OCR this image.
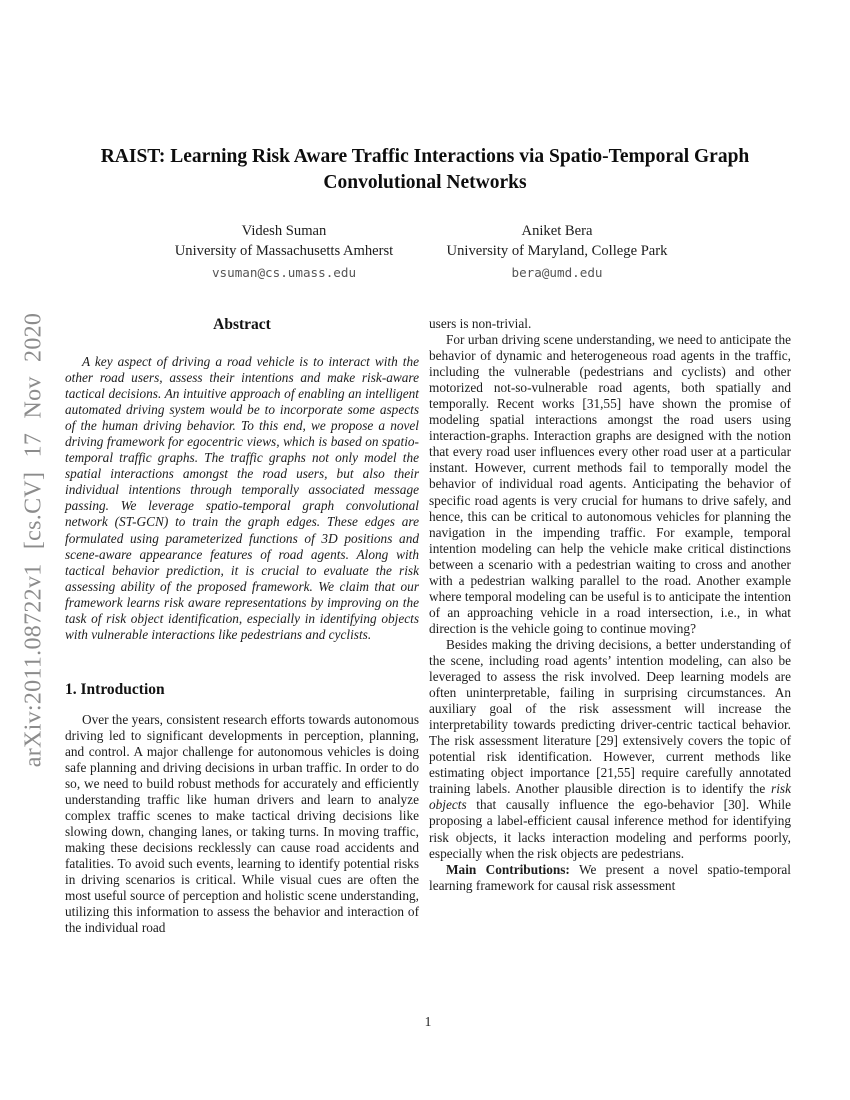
arXiv:2011.08722v1 [cs.CV] 17 Nov 2020
RAIST: Learning Risk Aware Traffic Interactions via Spatio-Temporal Graph
Convolutional Networks
Videsh Suman
University of Massachusetts Amherst
vsuman@cs.umass.edu
Aniket Bera
University of Maryland, College Park
bera@umd.edu
Abstract

A key aspect of driving a road vehicle is to interact with the other road users, assess their intentions and make risk-aware tactical decisions. An intuitive approach of enabling an intelligent automated driving system would be to incorporate some aspects of the human driving behavior. To this end, we propose a novel driving framework for egocentric views, which is based on spatio-temporal traffic graphs. The traffic graphs not only model the spatial interactions amongst the road users, but also their individual intentions through temporally associated message passing. We leverage spatio-temporal graph convolutional network (ST-GCN) to train the graph edges. These edges are formulated using parameterized functions of 3D positions and scene-aware appearance features of road agents. Along with tactical behavior prediction, it is crucial to evaluate the risk assessing ability of the proposed framework. We claim that our framework learns risk aware representations by improving on the task of risk object identification, especially in identifying objects with vulnerable interactions like pedestrians and cyclists.

1. Introduction

Over the years, consistent research efforts towards autonomous driving led to significant developments in perception, planning, and control. A major challenge for autonomous vehicles is doing safe planning and driving decisions in urban traffic. In order to do so, we need to build robust methods for accurately and efficiently understanding traffic like human drivers and learn to analyze complex traffic scenes to make tactical driving decisions like slowing down, changing lanes, or taking turns. In moving traffic, making these decisions recklessly can cause road accidents and fatalities. To avoid such events, learning to identify potential risks in driving scenarios is critical. While visual cues are often the most useful source of perception and holistic scene understanding, utilizing this information to assess the behavior and interaction of the individual road

users is non-trivial.

For urban driving scene understanding, we need to anticipate the behavior of dynamic and heterogeneous road agents in the traffic, including the vulnerable (pedestrians and cyclists) and other motorized not-so-vulnerable road agents, both spatially and temporally. Recent works [31,55] have shown the promise of modeling spatial interactions amongst the road users using interaction-graphs. Interaction graphs are designed with the notion that every road user influences every other road user at a particular instant. However, current methods fail to temporally model the behavior of individual road agents. Anticipating the behavior of specific road agents is very crucial for humans to drive safely, and hence, this can be critical to autonomous vehicles for planning the navigation in the impending traffic. For example, temporal intention modeling can help the vehicle make critical distinctions between a scenario with a pedestrian waiting to cross and another with a pedestrian walking parallel to the road. Another example where temporal modeling can be useful is to anticipate the intention of an approaching vehicle in a road intersection, i.e., in what direction is the vehicle going to continue moving?

Besides making the driving decisions, a better understanding of the scene, including road agents’ intention modeling, can also be leveraged to assess the risk involved. Deep learning models are often uninterpretable, failing in surprising circumstances. An auxiliary goal of the risk assessment will increase the interpretability towards predicting driver-centric tactical behavior. The risk assessment literature [29] extensively covers the topic of potential risk identification. However, current methods like estimating object importance [21,55] require carefully annotated training labels. Another plausible direction is to identify the risk objects that causally influence the ego-behavior [30]. While proposing a label-efficient causal inference method for identifying risk objects, it lacks interaction modeling and performs poorly, especially when the risk objects are pedestrians.

Main Contributions: We present a novel spatio-temporal learning framework for causal risk assessment

1
